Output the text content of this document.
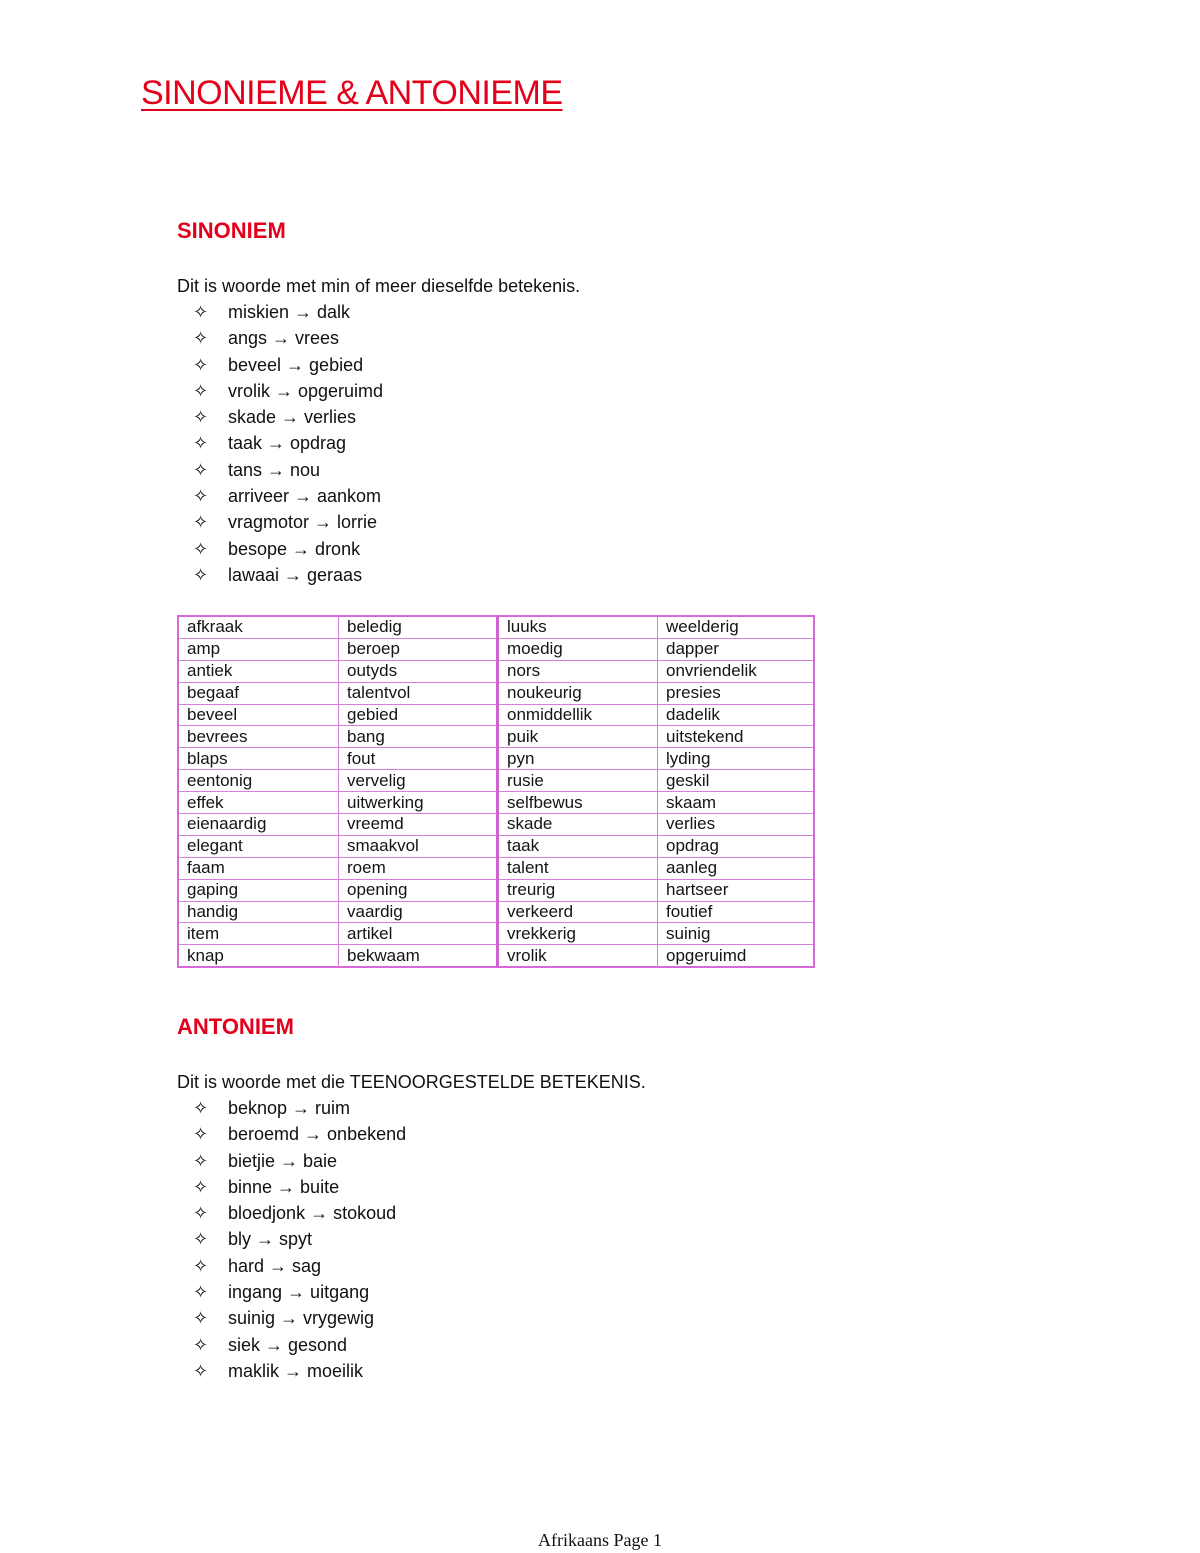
SINONIEME & ANTONIEME
SINONIEM
Dit is woorde met min of meer dieselfde betekenis.
✧ miskien → dalk
✧ angs → vrees
✧ beveel → gebied
✧ vrolik → opgeruimd
✧ skade → verlies
✧ taak → opdrag
✧ tans → nou
✧ arriveer → aankom
✧ vragmotor → lorrie
✧ besope → dronk
✧ lawaai → geraas
afkraak	beledig	luuks	weelderig
amp	beroep	moedig	dapper
antiek	outyds	nors	onvriendelik
begaaf	talentvol	noukeurig	presies
beveel	gebied	onmiddellik	dadelik
bevrees	bang	puik	uitstekend
blaps	fout	pyn	lyding
eentonig	vervelig	rusie	geskil
effek	uitwerking	selfbewus	skaam
eienaardig	vreemd	skade	verlies
elegant	smaakvol	taak	opdrag
faam	roem	talent	aanleg
gaping	opening	treurig	hartseer
handig	vaardig	verkeerd	foutief
item	artikel	vrekkerig	suinig
knap	bekwaam	vrolik	opgeruimd
ANTONIEM
Dit is woorde met die TEENOORGESTELDE BETEKENIS.
✧ beknop → ruim
✧ beroemd → onbekend
✧ bietjie → baie
✧ binne → buite
✧ bloedjonk → stokoud
✧ bly → spyt
✧ hard → sag
✧ ingang → uitgang
✧ suinig → vrygewig
✧ siek → gesond
✧ maklik → moeilik
Afrikaans Page 1
